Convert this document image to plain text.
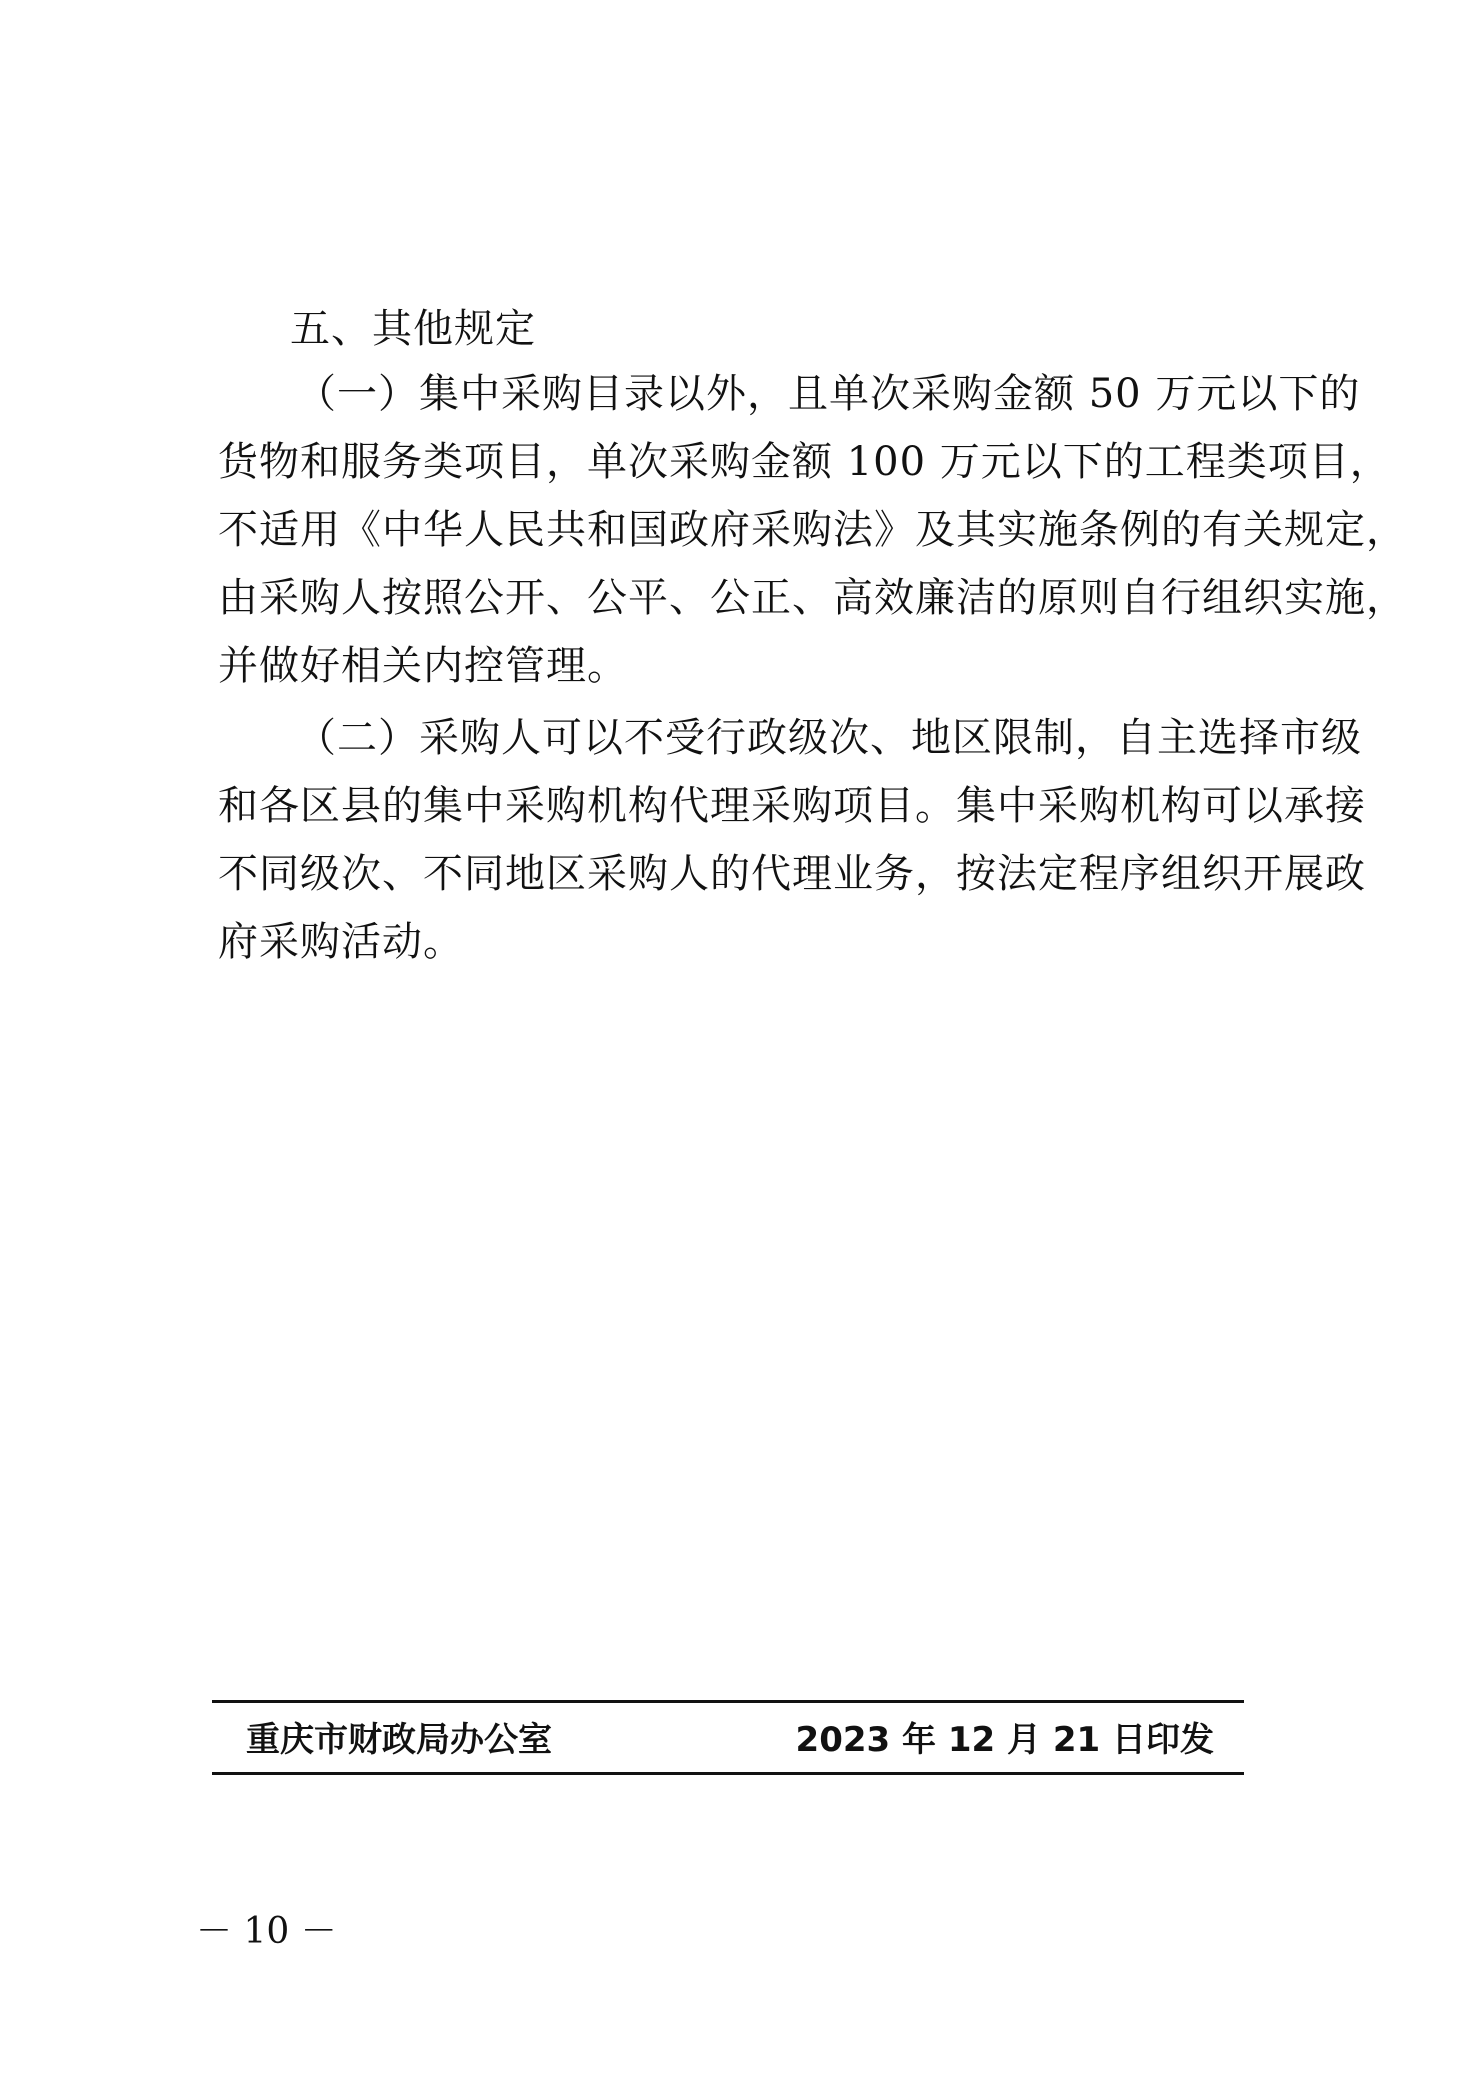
五、其他规定
（一）集中采购目录以外，且单次采购金额 50 万元以下的
货物和服务类项目，单次采购金额 100 万元以下的工程类项目，
不适用《中华人民共和国政府采购法》及其实施条例的有关规定，
由采购人按照公开、公平、公正、高效廉洁的原则自行组织实施，
并做好相关内控管理。
（二）采购人可以不受行政级次、地区限制，自主选择市级
和各区县的集中采购机构代理采购项目。集中采购机构可以承接
不同级次、不同地区采购人的代理业务，按法定程序组织开展政
府采购活动。
重庆市财政局办公室	2023 年 12 月 21 日印发
－ 10 －
